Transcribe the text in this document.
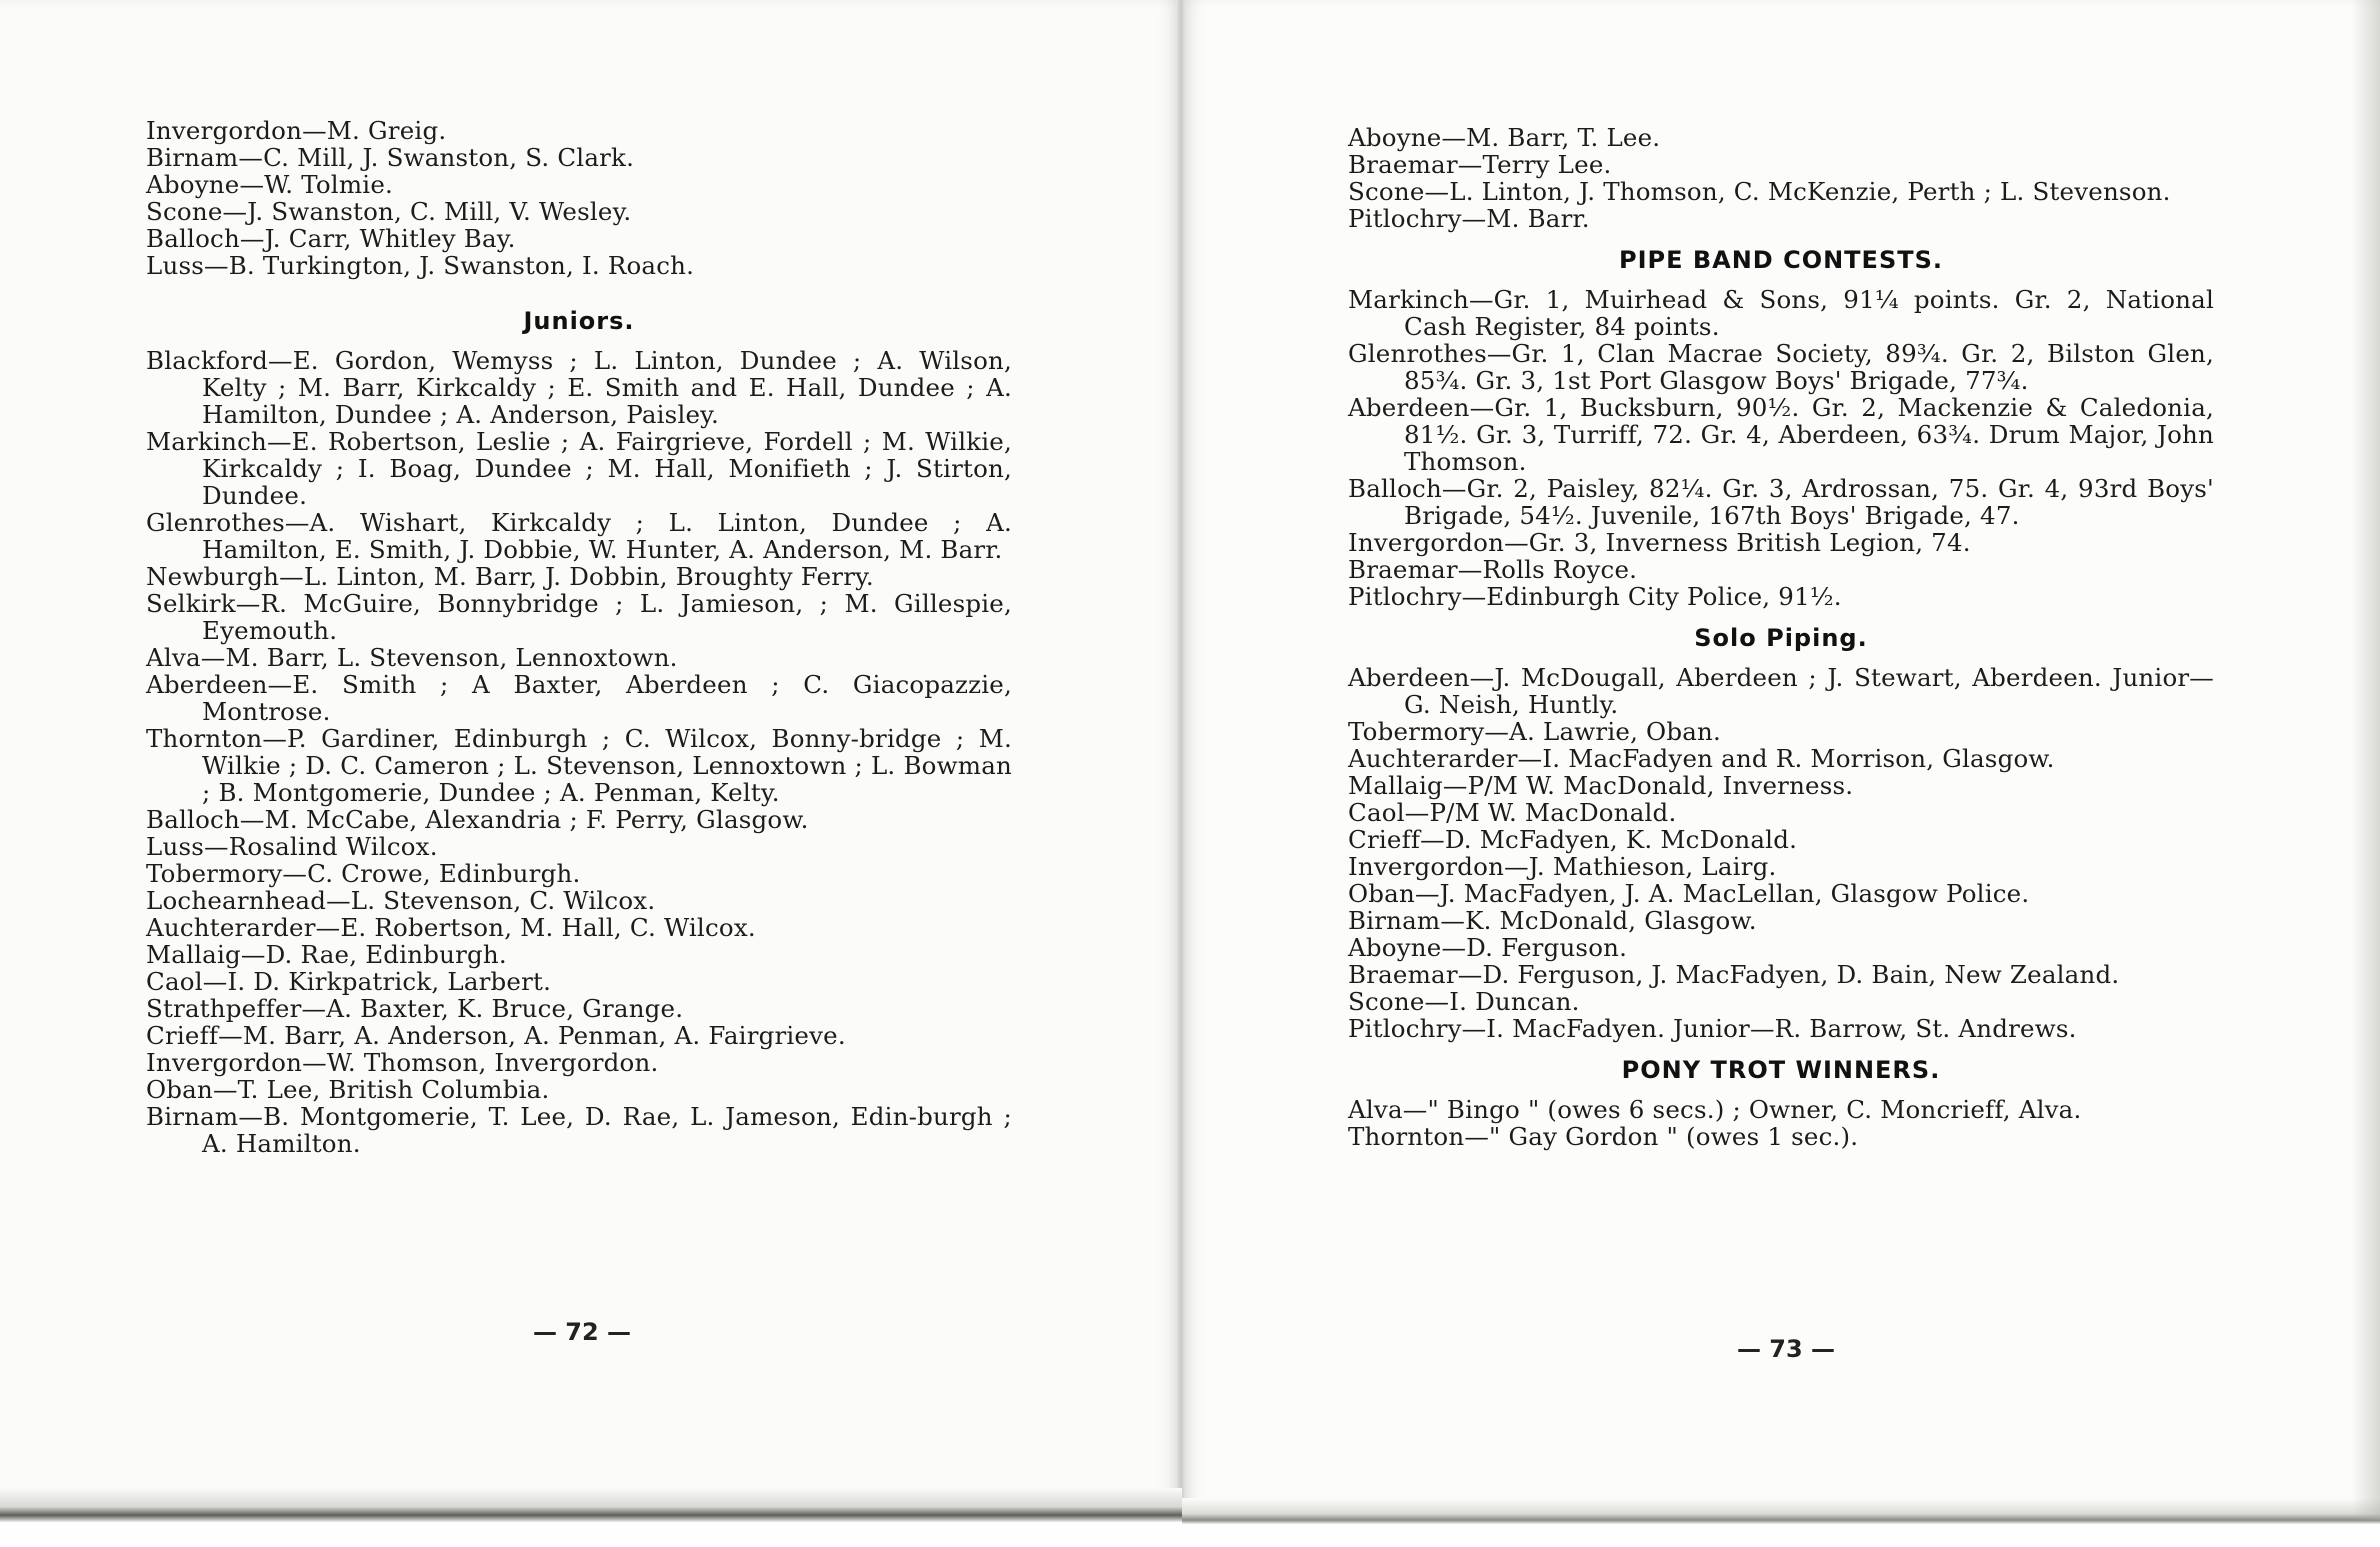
Invergordon—M. Greig.

Birnam—C. Mill, J. Swanston, S. Clark.

Aboyne—W. Tolmie.

Scone—J. Swanston, C. Mill, V. Wesley.

Balloch—J. Carr, Whitley Bay.

Luss—B. Turkington, J. Swanston, I. Roach.

Juniors.

Blackford—E. Gordon, Wemyss ; L. Linton, Dundee ; A. Wilson, Kelty ; M. Barr, Kirkcaldy ; E. Smith and E. Hall, Dundee ; A. Hamilton, Dundee ; A. Anderson, Paisley.

Markinch—E. Robertson, Leslie ; A. Fairgrieve, Fordell ; M. Wilkie, Kirkcaldy ; I. Boag, Dundee ; M. Hall, Monifieth ; J. Stirton, Dundee.

Glenrothes—A. Wishart, Kirkcaldy ; L. Linton, Dundee ; A. Hamilton, E. Smith, J. Dobbie, W. Hunter, A. Anderson, M. Barr.

Newburgh—L. Linton, M. Barr, J. Dobbin, Broughty Ferry.

Selkirk—R. McGuire, Bonnybridge ; L. Jamieson, ; M. Gillespie, Eyemouth.

Alva—M. Barr, L. Stevenson, Lennoxtown.

Aberdeen—E. Smith ; A Baxter, Aberdeen ; C. Giacopazzie, Montrose.

Thornton—P. Gardiner, Edinburgh ; C. Wilcox, Bonny-bridge ; M. Wilkie ; D. C. Cameron ; L. Stevenson, Lennoxtown ; L. Bowman ; B. Montgomerie, Dundee ; A. Penman, Kelty.

Balloch—M. McCabe, Alexandria ; F. Perry, Glasgow.

Luss—Rosalind Wilcox.

Tobermory—C. Crowe, Edinburgh.

Lochearnhead—L. Stevenson, C. Wilcox.

Auchterarder—E. Robertson, M. Hall, C. Wilcox.

Mallaig—D. Rae, Edinburgh.

Caol—I. D. Kirkpatrick, Larbert.

Strathpeffer—A. Baxter, K. Bruce, Grange.

Crieff—M. Barr, A. Anderson, A. Penman, A. Fairgrieve.

Invergordon—W. Thomson, Invergordon.

Oban—T. Lee, British Columbia.

Birnam—B. Montgomerie, T. Lee, D. Rae, L. Jameson, Edin-burgh ; A. Hamilton.

— 72 —

Aboyne—M. Barr, T. Lee.

Braemar—Terry Lee.

Scone—L. Linton, J. Thomson, C. McKenzie, Perth ; L. Stevenson.

Pitlochry—M. Barr.

PIPE BAND CONTESTS.

Markinch—Gr. 1, Muirhead & Sons, 91¼ points. Gr. 2, National Cash Register, 84 points.

Glenrothes—Gr. 1, Clan Macrae Society, 89¾. Gr. 2, Bilston Glen, 85¾. Gr. 3, 1st Port Glasgow Boys' Brigade, 77¾.

Aberdeen—Gr. 1, Bucksburn, 90½. Gr. 2, Mackenzie & Caledonia, 81½. Gr. 3, Turriff, 72. Gr. 4, Aberdeen, 63¾. Drum Major, John Thomson.

Balloch—Gr. 2, Paisley, 82¼. Gr. 3, Ardrossan, 75. Gr. 4, 93rd Boys' Brigade, 54½. Juvenile, 167th Boys' Brigade, 47.

Invergordon—Gr. 3, Inverness British Legion, 74.

Braemar—Rolls Royce.

Pitlochry—Edinburgh City Police, 91½.

Solo Piping.

Aberdeen—J. McDougall, Aberdeen ; J. Stewart, Aberdeen. Junior—G. Neish, Huntly.

Tobermory—A. Lawrie, Oban.

Auchterarder—I. MacFadyen and R. Morrison, Glasgow.

Mallaig—P/M W. MacDonald, Inverness.

Caol—P/M W. MacDonald.

Crieff—D. McFadyen, K. McDonald.

Invergordon—J. Mathieson, Lairg.

Oban—J. MacFadyen, J. A. MacLellan, Glasgow Police.

Birnam—K. McDonald, Glasgow.

Aboyne—D. Ferguson.

Braemar—D. Ferguson, J. MacFadyen, D. Bain, New Zealand.

Scone—I. Duncan.

Pitlochry—I. MacFadyen. Junior—R. Barrow, St. Andrews.

PONY TROT WINNERS.

Alva—" Bingo " (owes 6 secs.) ; Owner, C. Moncrieff, Alva.

Thornton—" Gay Gordon " (owes 1 sec.).

— 73 —
